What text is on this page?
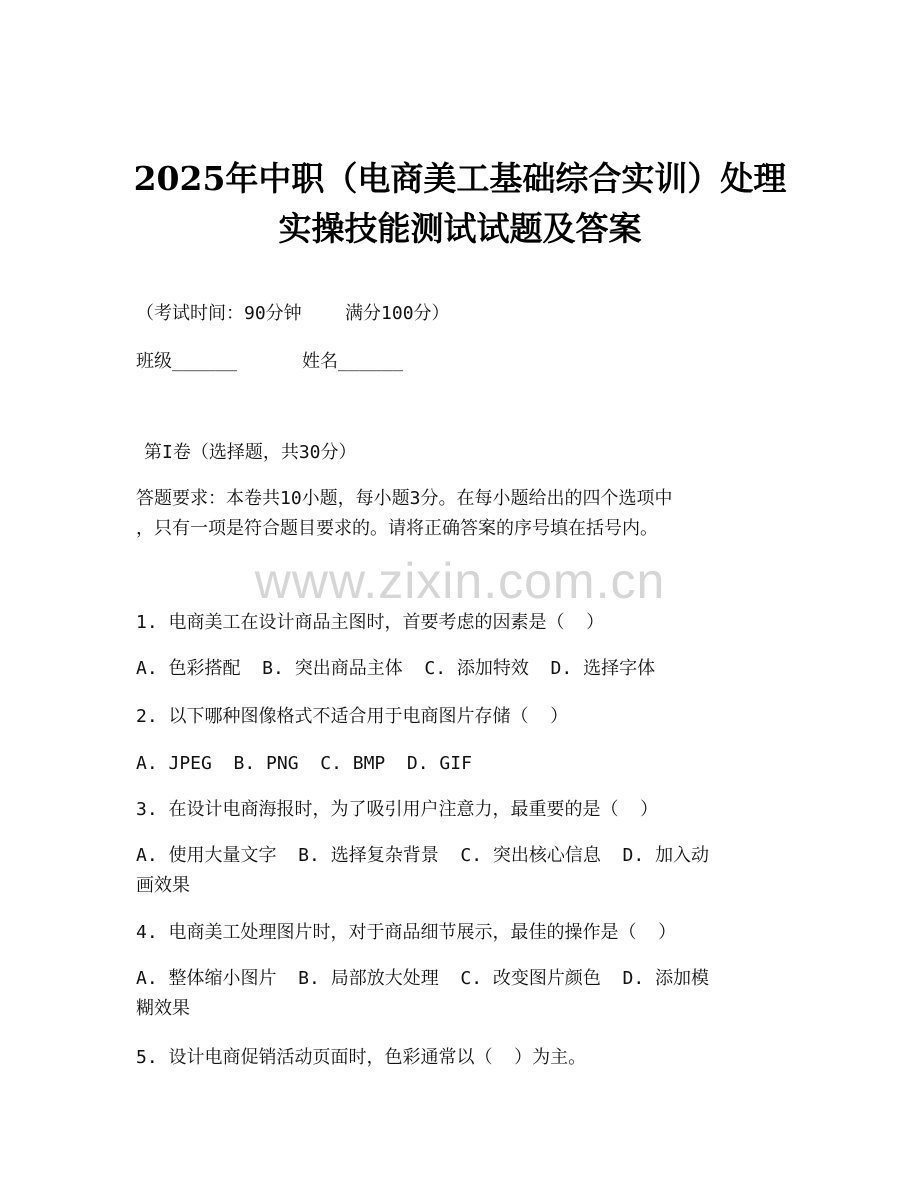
2025年中职（电商美工基础综合实训）处理
实操技能测试试题及答案
（考试时间：90分钟    满分100分）
班级______      姓名______
第I卷（选择题，共30分）
答题要求：本卷共10小题，每小题3分。在每小题给出的四个选项中
，只有一项是符合题目要求的。请将正确答案的序号填在括号内。
www.zixin.com.cn
1. 电商美工在设计商品主图时，首要考虑的因素是（  ）
A. 色彩搭配  B. 突出商品主体  C. 添加特效  D. 选择字体
2. 以下哪种图像格式不适合用于电商图片存储（  ）
A. JPEG  B. PNG  C. BMP  D. GIF
3. 在设计电商海报时，为了吸引用户注意力，最重要的是（  ）
A. 使用大量文字  B. 选择复杂背景  C. 突出核心信息  D. 加入动
画效果
4. 电商美工处理图片时，对于商品细节展示，最佳的操作是（  ）
A. 整体缩小图片  B. 局部放大处理  C. 改变图片颜色  D. 添加模
糊效果
5. 设计电商促销活动页面时，色彩通常以（  ）为主。
